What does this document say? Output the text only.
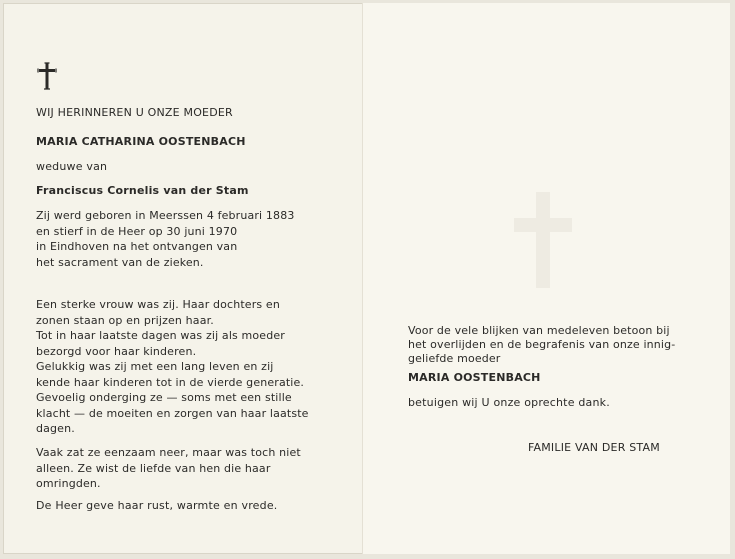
WIJ HERINNEREN U ONZE MOEDER
MARIA CATHARINA OOSTENBACH
weduwe van
Franciscus Cornelis van der Stam
Zij werd geboren in Meerssen 4 februari 1883
en stierf in de Heer op 30 juni 1970
in Eindhoven na het ontvangen van
het sacrament van de zieken.
Een sterke vrouw was zij. Haar dochters en
zonen staan op en prijzen haar.
Tot in haar laatste dagen was zij als moeder
bezorgd voor haar kinderen.
Gelukkig was zij met een lang leven en zij
kende haar kinderen tot in de vierde generatie.
Gevoelig onderging ze — soms met een stille
klacht — de moeiten en zorgen van haar laatste
dagen.
Vaak zat ze eenzaam neer, maar was toch niet
alleen. Ze wist de liefde van hen die haar
omringden.
De Heer geve haar rust, warmte en vrede.
Voor de vele blijken van medeleven betoon bij
het overlijden en de begrafenis van onze innig-
geliefde moeder
MARIA OOSTENBACH
betuigen wij U onze oprechte dank.
FAMILIE VAN DER STAM
